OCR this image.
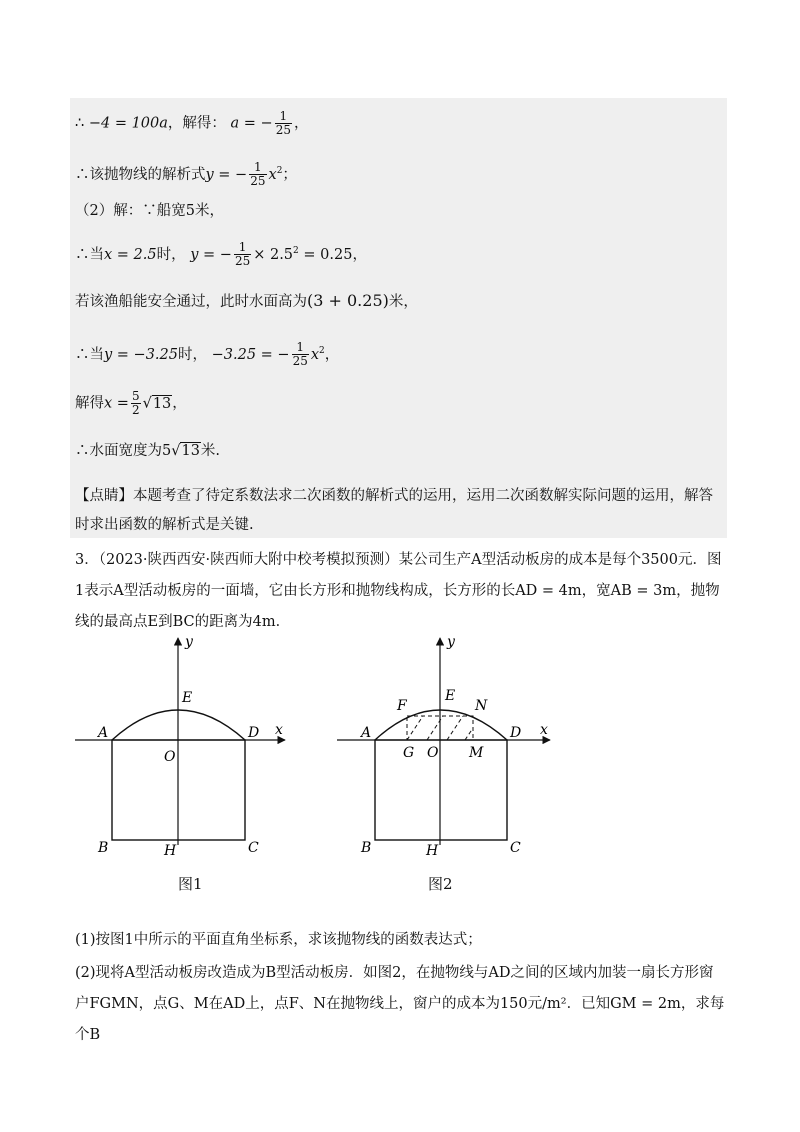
∴ −4 = 100a，解得： a = − $\frac{1}{25}$ ，
∴该抛物线的解析式y = − $\frac{1}{25} x^2$；
（2）解：∵船宽5米，
∴当x = 2.5时， y = − $\frac{1}{25} \times 2.5^2 = 0.25$，
若该渔船能安全通过，此时水面高为(3 + 0.25)米，
∴当y = −3.25时， −3.25 = − $\frac{1}{25} x^2$，
解得$x = \frac{5}{2} √13$，
∴水面宽度为5√13米.
【点睛】本题考查了待定系数法求二次函数的解析式的运用，运用二次函数解实际问题的运用，解答时求出函数的解析式是关键.
3．（2023·陕西西安·陕西师大附中校考模拟预测）某公司生产A型活动板房的成本是每个3500元．图1表示A型活动板房的一面墙，它由长方形和抛物线构成，长方形的长AD = 4m，宽AB = 3m，抛物线的最高点E到BC的距离为4m．
y
x
A	D
E
O
B	H	C
图1
y
x
A	D
E
F	N
G O M
B	H	C
图2
(1)按图1中所示的平面直角坐标系，求该抛物线的函数表达式；
(2)现将A型活动板房改造成为B型活动板房．如图2，在抛物线与AD之间的区域内加装一扇长方形窗户FGMN，点G、M在AD上，点F、N在抛物线上，窗户的成本为150元/m²．已知GM = 2m，求每个B
